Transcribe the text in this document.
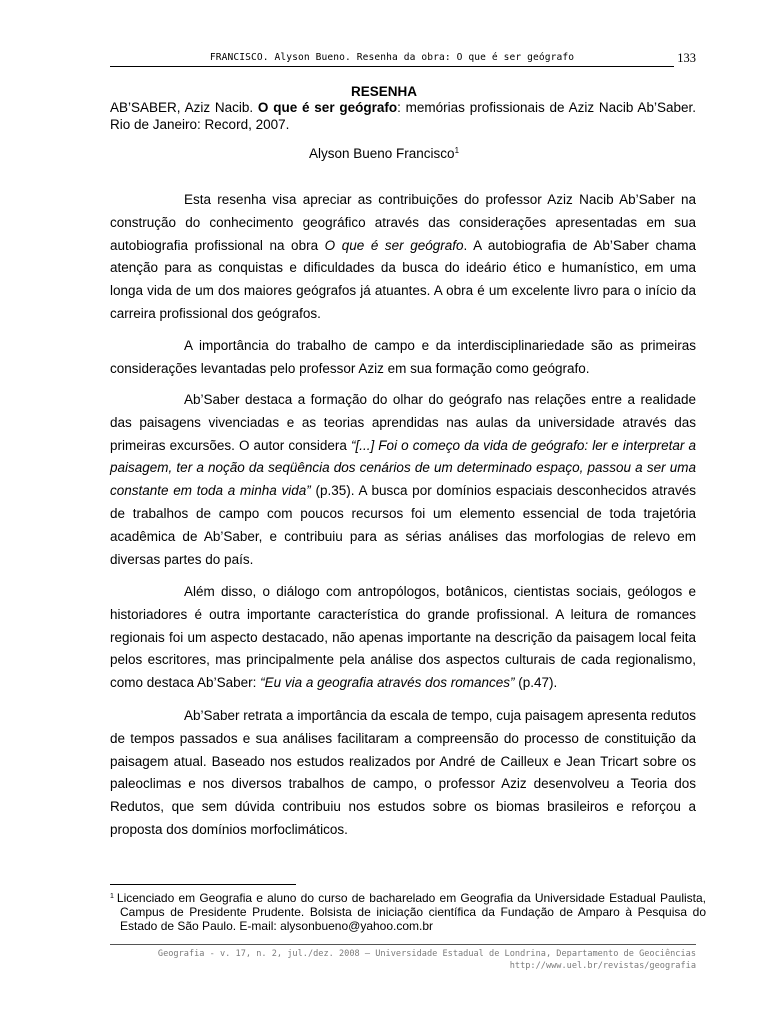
FRANCISCO. Alyson Bueno. Resenha da obra: O que é ser geógrafo	133
RESENHA
AB’SABER, Aziz Nacib. O que é ser geógrafo: memórias profissionais de Aziz Nacib Ab’Saber. Rio de Janeiro: Record, 2007.
Alyson Bueno Francisco$^1$

Esta resenha visa apreciar as contribuições do professor Aziz Nacib Ab’Saber na construção do conhecimento geográfico através das considerações apresentadas em sua autobiografia profissional na obra O que é ser geógrafo. A autobiografia de Ab’Saber chama atenção para as conquistas e dificuldades da busca do ideário ético e humanístico, em uma longa vida de um dos maiores geógrafos já atuantes. A obra é um excelente livro para o início da carreira profissional dos geógrafos.

A importância do trabalho de campo e da interdisciplinariedade são as primeiras considerações levantadas pelo professor Aziz em sua formação como geógrafo.

Ab’Saber destaca a formação do olhar do geógrafo nas relações entre a realidade das paisagens vivenciadas e as teorias aprendidas nas aulas da universidade através das primeiras excursões. O autor considera “[...] Foi o começo da vida de geógrafo: ler e interpretar a paisagem, ter a noção da seqüência dos cenários de um determinado espaço, passou a ser uma constante em toda a minha vida” (p.35). A busca por domínios espaciais desconhecidos através de trabalhos de campo com poucos recursos foi um elemento essencial de toda trajetória acadêmica de Ab’Saber, e contribuiu para as sérias análises das morfologias de relevo em diversas partes do país.

Além disso, o diálogo com antropólogos, botânicos, cientistas sociais, geólogos e historiadores é outra importante característica do grande profissional. A leitura de romances regionais foi um aspecto destacado, não apenas importante na descrição da paisagem local feita pelos escritores, mas principalmente pela análise dos aspectos culturais de cada regionalismo, como destaca Ab’Saber: “Eu via a geografia através dos romances” (p.47).

Ab’Saber retrata a importância da escala de tempo, cuja paisagem apresenta redutos de tempos passados e sua análises facilitaram a compreensão do processo de constituição da paisagem atual. Baseado nos estudos realizados por André de Cailleux e Jean Tricart sobre os paleoclimas e nos diversos trabalhos de campo, o professor Aziz desenvolveu a Teoria dos Redutos, que sem dúvida contribuiu nos estudos sobre os biomas brasileiros e reforçou a proposta dos domínios morfoclimáticos.

$^1$ Licenciado em Geografia e aluno do curso de bacharelado em Geografia da Universidade Estadual Paulista, Campus de Presidente Prudente. Bolsista de iniciação científica da Fundação de Amparo à Pesquisa do Estado de São Paulo. E-mail: alysonbueno@yahoo.com.br
Geografia - v. 17, n. 2, jul./dez. 2008 – Universidade Estadual de Londrina, Departamento de Geociências
http://www.uel.br/revistas/geografia
